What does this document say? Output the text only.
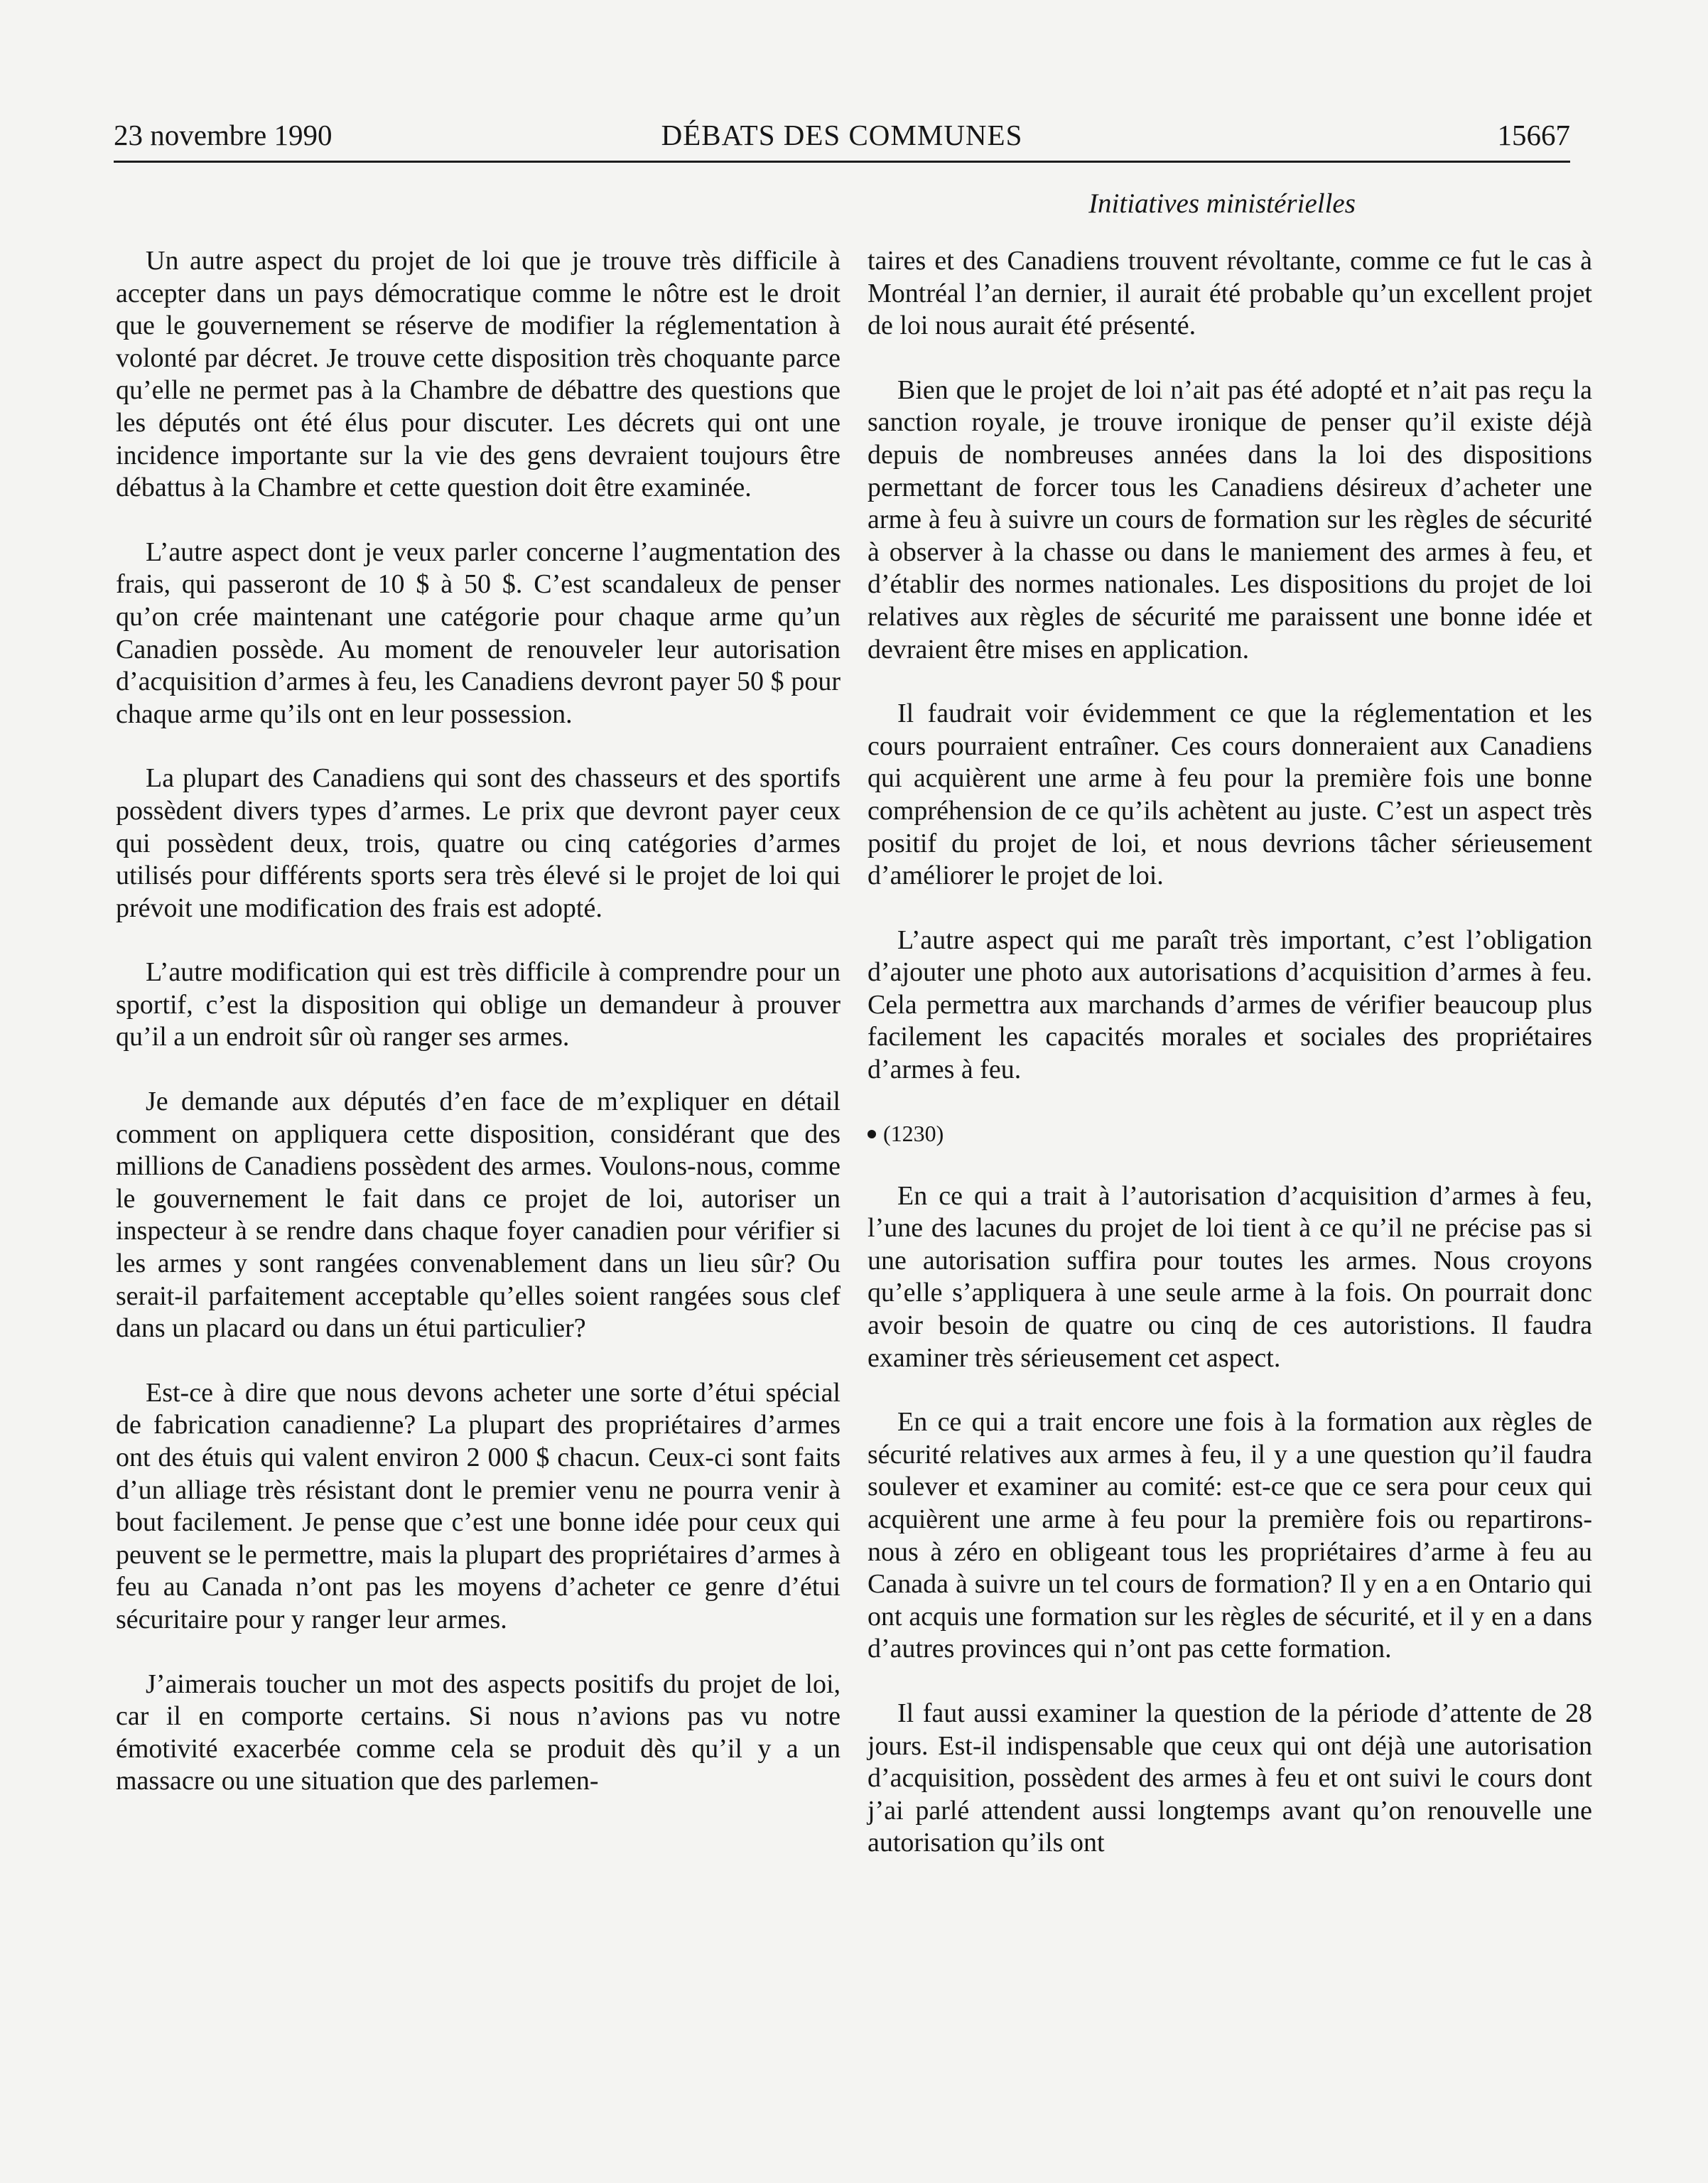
23 novembre 1990	DÉBATS DES COMMUNES	15667
Initiatives ministérielles

Un autre aspect du projet de loi que je trouve très difficile à accepter dans un pays démocratique comme le nôtre est le droit que le gouvernement se réserve de modifier la réglementation à volonté par décret. Je trouve cette disposition très choquante parce qu’elle ne permet pas à la Chambre de débattre des questions que les députés ont été élus pour discuter. Les décrets qui ont une incidence importante sur la vie des gens devraient toujours être débattus à la Chambre et cette question doit être examinée.

L’autre aspect dont je veux parler concerne l’augmentation des frais, qui passeront de 10 $ à 50 $. C’est scandaleux de penser qu’on crée maintenant une catégorie pour chaque arme qu’un Canadien possède. Au moment de renouveler leur autorisation d’acquisition d’armes à feu, les Canadiens devront payer 50 $ pour chaque arme qu’ils ont en leur possession.

La plupart des Canadiens qui sont des chasseurs et des sportifs possèdent divers types d’armes. Le prix que devront payer ceux qui possèdent deux, trois, quatre ou cinq catégories d’armes utilisés pour différents sports sera très élevé si le projet de loi qui prévoit une modification des frais est adopté.

L’autre modification qui est très difficile à comprendre pour un sportif, c’est la disposition qui oblige un demandeur à prouver qu’il a un endroit sûr où ranger ses armes.

Je demande aux députés d’en face de m’expliquer en détail comment on appliquera cette disposition, considérant que des millions de Canadiens possèdent des armes. Voulons-nous, comme le gouvernement le fait dans ce projet de loi, autoriser un inspecteur à se rendre dans chaque foyer canadien pour vérifier si les armes y sont rangées convenablement dans un lieu sûr? Ou serait-il parfaitement acceptable qu’elles soient rangées sous clef dans un placard ou dans un étui particulier?

Est-ce à dire que nous devons acheter une sorte d’étui spécial de fabrication canadienne? La plupart des propriétaires d’armes ont des étuis qui valent environ 2 000 $ chacun. Ceux-ci sont faits d’un alliage très résistant dont le premier venu ne pourra venir à bout facilement. Je pense que c’est une bonne idée pour ceux qui peuvent se le permettre, mais la plupart des propriétaires d’armes à feu au Canada n’ont pas les moyens d’acheter ce genre d’étui sécuritaire pour y ranger leur armes.

J’aimerais toucher un mot des aspects positifs du projet de loi, car il en comporte certains. Si nous n’avions pas vu notre émotivité exacerbée comme cela se produit dès qu’il y a un massacre ou une situation que des parlemen-

taires et des Canadiens trouvent révoltante, comme ce fut le cas à Montréal l’an dernier, il aurait été probable qu’un excellent projet de loi nous aurait été présenté.

Bien que le projet de loi n’ait pas été adopté et n’ait pas reçu la sanction royale, je trouve ironique de penser qu’il existe déjà depuis de nombreuses années dans la loi des dispositions permettant de forcer tous les Canadiens désireux d’acheter une arme à feu à suivre un cours de formation sur les règles de sécurité à observer à la chasse ou dans le maniement des armes à feu, et d’établir des normes nationales. Les dispositions du projet de loi relatives aux règles de sécurité me paraissent une bonne idée et devraient être mises en application.

Il faudrait voir évidemment ce que la réglementation et les cours pourraient entraîner. Ces cours donneraient aux Canadiens qui acquièrent une arme à feu pour la première fois une bonne compréhension de ce qu’ils achètent au juste. C’est un aspect très positif du projet de loi, et nous devrions tâcher sérieusement d’améliorer le projet de loi.

L’autre aspect qui me paraît très important, c’est l’obligation d’ajouter une photo aux autorisations d’acquisition d’armes à feu. Cela permettra aux marchands d’armes de vérifier beaucoup plus facilement les capacités morales et sociales des propriétaires d’armes à feu.

(1230)

En ce qui a trait à l’autorisation d’acquisition d’armes à feu, l’une des lacunes du projet de loi tient à ce qu’il ne précise pas si une autorisation suffira pour toutes les armes. Nous croyons qu’elle s’appliquera à une seule arme à la fois. On pourrait donc avoir besoin de quatre ou cinq de ces autoristions. Il faudra examiner très sérieusement cet aspect.

En ce qui a trait encore une fois à la formation aux règles de sécurité relatives aux armes à feu, il y a une question qu’il faudra soulever et examiner au comité: est-ce que ce sera pour ceux qui acquièrent une arme à feu pour la première fois ou repartirons-nous à zéro en obligeant tous les propriétaires d’arme à feu au Canada à suivre un tel cours de formation? Il y en a en Ontario qui ont acquis une formation sur les règles de sécurité, et il y en a dans d’autres provinces qui n’ont pas cette formation.

Il faut aussi examiner la question de la période d’attente de 28 jours. Est-il indispensable que ceux qui ont déjà une autorisation d’acquisition, possèdent des armes à feu et ont suivi le cours dont j’ai parlé attendent aussi longtemps avant qu’on renouvelle une autorisation qu’ils ont
